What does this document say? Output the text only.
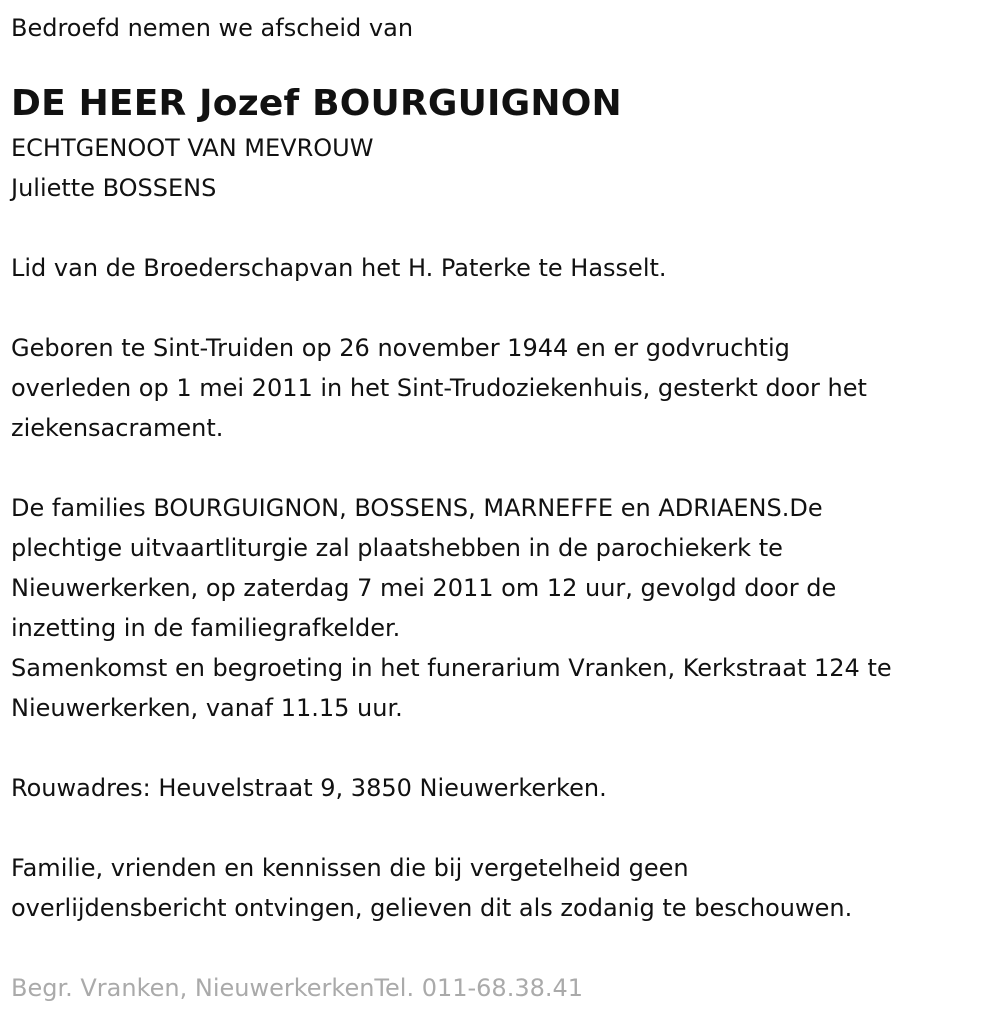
Bedroefd nemen we afscheid van

DE HEER Jozef BOURGUIGNON

ECHTGENOOT VAN MEVROUW

Juliette BOSSENS

Lid van de Broederschapvan het H. Paterke te Hasselt.

Geboren te Sint-Truiden op 26 november 1944 en er godvruchtig

overleden op 1 mei 2011 in het Sint-Trudoziekenhuis, gesterkt door het

ziekensacrament.

De families BOURGUIGNON, BOSSENS, MARNEFFE en ADRIAENS.De

plechtige uitvaartliturgie zal plaatshebben in de parochiekerk te

Nieuwerkerken, op zaterdag 7 mei 2011 om 12 uur, gevolgd door de

inzetting in de familiegrafkelder.

Samenkomst en begroeting in het funerarium Vranken, Kerkstraat 124 te

Nieuwerkerken, vanaf 11.15 uur.

Rouwadres: Heuvelstraat 9, 3850 Nieuwerkerken.

Familie, vrienden en kennissen die bij vergetelheid geen

overlijdensbericht ontvingen, gelieven dit als zodanig te beschouwen.

Begr. Vranken, NieuwerkerkenTel. 011-68.38.41
